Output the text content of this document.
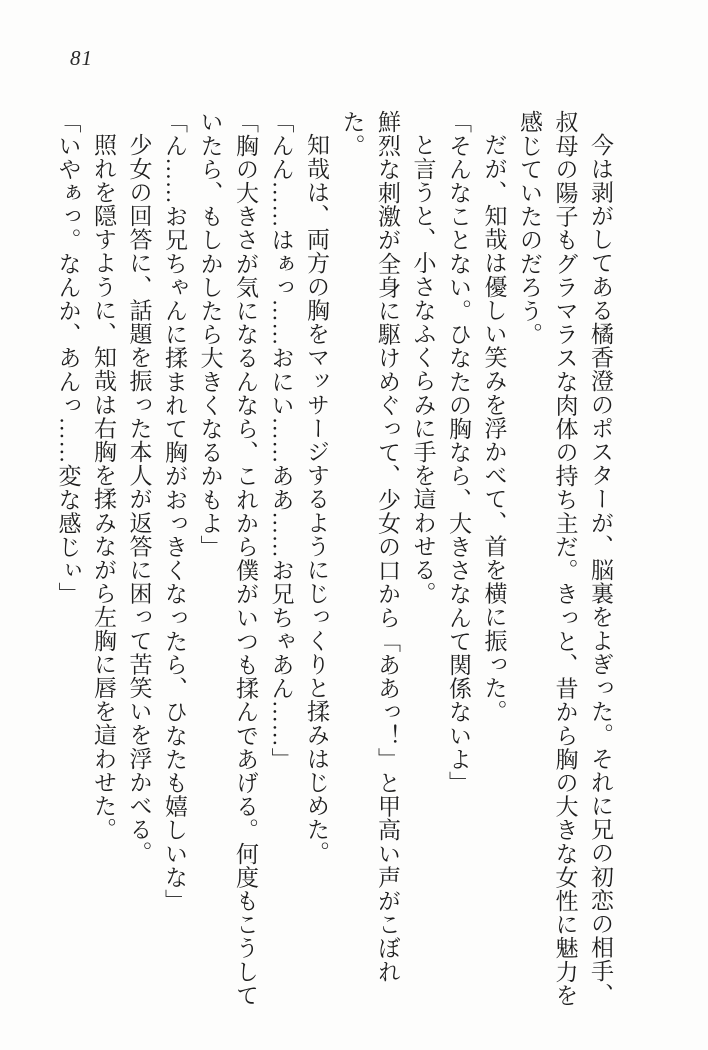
81

今は剥がしてある橘香澄のポスターが、脳裏をよぎった。それに兄の初恋の相手、

叔母の陽子もグラマラスな肉体の持ち主だ。きっと、昔から胸の大きな女性に魅力を

感じていたのだろう。

だが、知哉は優しい笑みを浮かべて、首を横に振った。

「そんなことない。ひなたの胸なら、大きさなんて関係ないよ」

と言うと、小さなふくらみに手を這わせる。

鮮烈な刺激が全身に駆けめぐって、少女の口から「ああっ！」と甲高い声がこぼれ

た。

知哉は、両方の胸をマッサージするようにじっくりと揉みはじめた。

「んん……はぁっ……おにい……ああ……お兄ちゃあん……」

「胸の大きさが気になるんなら、これから僕がいつも揉んであげる。何度もこうして

いたら、もしかしたら大きくなるかもよ」

「ん……お兄ちゃんに揉まれて胸がおっきくなったら、ひなたも嬉しいな」

少女の回答に、話題を振った本人が返答に困って苦笑いを浮かべる。

照れを隠すように、知哉は右胸を揉みながら左胸に唇を這わせた。

「いやぁっ。なんか、あんっ……変な感じぃ」
